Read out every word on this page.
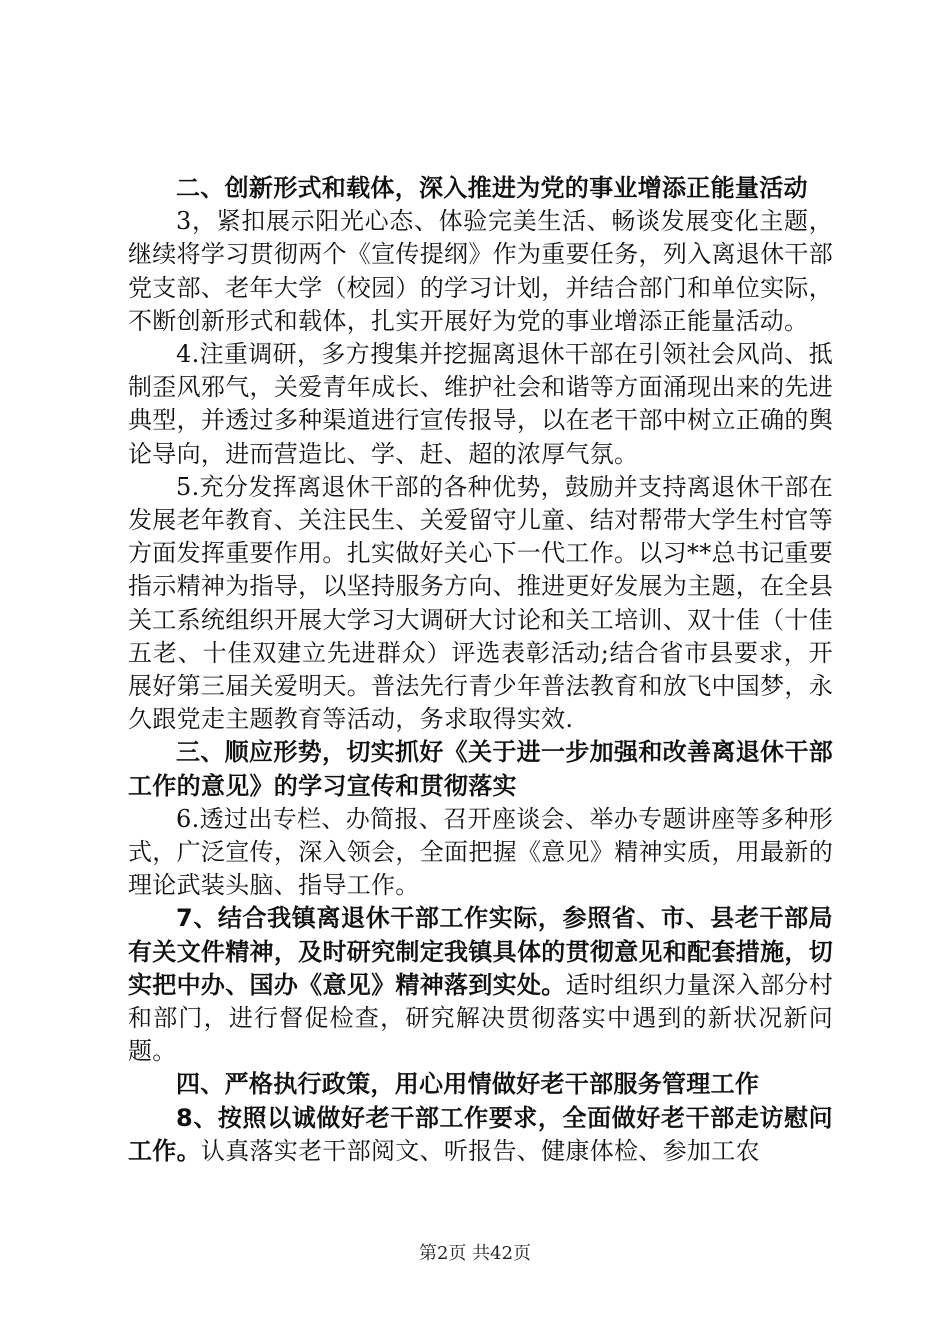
二、创新形式和载体，深入推进为党的事业增添正能量活动

3，紧扣展示阳光心态、体验完美生活、畅谈发展变化主题，继续将学习贯彻两个《宣传提纲》作为重要任务，列入离退休干部党支部、老年大学（校园）的学习计划，并结合部门和单位实际，不断创新形式和载体，扎实开展好为党的事业增添正能量活动。

4.注重调研，多方搜集并挖掘离退休干部在引领社会风尚、抵制歪风邪气，关爱青年成长、维护社会和谐等方面涌现出来的先进典型，并透过多种渠道进行宣传报导，以在老干部中树立正确的舆论导向，进而营造比、学、赶、超的浓厚气氛。

5.充分发挥离退休干部的各种优势，鼓励并支持离退休干部在发展老年教育、关注民生、关爱留守儿童、结对帮带大学生村官等方面发挥重要作用。扎实做好关心下一代工作。以习**总书记重要指示精神为指导，以坚持服务方向、推进更好发展为主题，在全县关工系统组织开展大学习大调研大讨论和关工培训、双十佳（十佳五老、十佳双建立先进群众）评选表彰活动;结合省市县要求，开展好第三届关爱明天。普法先行青少年普法教育和放飞中国梦，永久跟党走主题教育等活动，务求取得实效.

三、顺应形势，切实抓好《关于进一步加强和改善离退休干部工作的意见》的学习宣传和贯彻落实

6.透过出专栏、办简报、召开座谈会、举办专题讲座等多种形式，广泛宣传，深入领会，全面把握《意见》精神实质，用最新的理论武装头脑、指导工作。

7、结合我镇离退休干部工作实际，参照省、市、县老干部局有关文件精神，及时研究制定我镇具体的贯彻意见和配套措施，切实把中办、国办《意见》精神落到实处。适时组织力量深入部分村和部门，进行督促检查，研究解决贯彻落实中遇到的新状况新问题。

四、严格执行政策，用心用情做好老干部服务管理工作

8、按照以诚做好老干部工作要求，全面做好老干部走访慰问工作。认真落实老干部阅文、听报告、健康体检、参加工农

第2页 共42页
